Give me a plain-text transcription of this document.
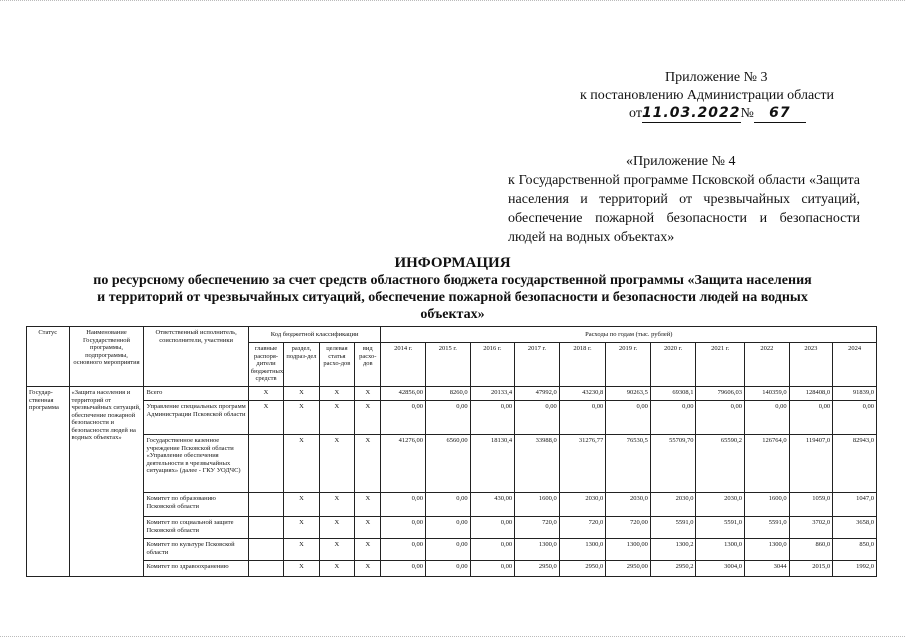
Приложение № 3
к постановлению Администрации области
от11.03.2022№ 67
«Приложение № 4
к Государственной программе Псковской области «Защита населения и территорий от чрезвычайных ситуаций, обеспечение пожарной безопасности и безопасности людей на водных объектах»
ИНФОРМАЦИЯ
по ресурсному обеспечению за счет средств областного бюджета государственной программы «Защита населения
и территорий от чрезвычайных ситуаций, обеспечение пожарной безопасности и безопасности людей на водных
объектах»
Статус	Наименование Государственной программы, подпрограммы, основного мероприятия	Ответственный исполнитель, соисполнители, участники	Код бюджетной классификации				Расходы по годам (тыс. рублей)										
			главные распоря-дители бюджетных средств	раздел, подраз-дел	целевая статья расхо-дов	вид расхо-дов	2014 г.	2015 г.	2016 г.	2017 г.	2018 г.	2019 г.	2020 г.	2021 г.	2022	2023	2024
Государ-ственная программа	«Защита населения и территорий от чрезвычайных ситуаций, обеспечение пожарной безопасности и безопасности людей на водных объектах»	Всего	X	X	X	X	42856,00	8260,0	20133,4	47992,0	43230,8	90263,5	69308,1	79606,03	140359,0	128408,0	91839,0
		Управление специальных программ Администрации Псковской области	X	X	X	X	0,00	0,00	0,00	0,00	0,00	0,00	0,00	0,00	0,00	0,00	0,00
		Государственное казенное учреждение Псковской области «Управление обеспечения деятельности в чрезвычайных ситуациях» (далее - ГКУ УОДЧС)		X	X	X	41276,00	6560,00	18130,4	33988,0	31276,77	76530,5	55709,70	65590,2	126764,0	119407,0	82943,0
		Комитет по образованию Псковской области		X	X	X	0,00	0,00	430,00	1600,0	2030,0	2030,0	2030,0	2030,0	1600,0	1059,0	1047,0
		Комитет по социальной защите Псковской области		X	X	X	0,00	0,00	0,00	720,0	720,0	720,00	5591,0	5591,0	5591,0	3702,0	3658,0
		Комитет по культуре Псковской области		X	X	X	0,00	0,00	0,00	1300,0	1300,0	1300,00	1300,2	1300,0	1300,0	860,0	850,0
		Комитет по здравоохранению		X	X	X	0,00	0,00	0,00	2950,0	2950,0	2950,00	2950,2	3004,0	3044	2015,0	1992,0
